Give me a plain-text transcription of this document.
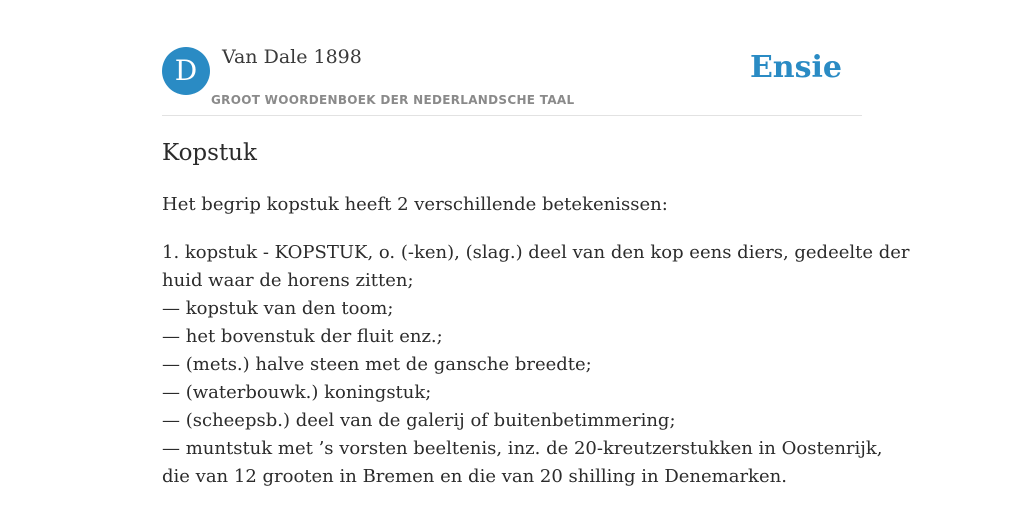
D	Van Dale 1898
GROOT WOORDENBOEK DER NEDERLANDSCHE TAAL
Ensie
Kopstuk

Het begrip kopstuk heeft 2 verschillende betekenissen:

1. kopstuk - KOPSTUK, o. (-ken), (slag.) deel van den kop eens diers, gedeelte der
huid waar de horens zitten;
— kopstuk van den toom;
— het bovenstuk der fluit enz.;
— (mets.) halve steen met de gansche breedte;
— (waterbouwk.) koningstuk;
— (scheepsb.) deel van de galerij of buitenbetimmering;
— muntstuk met ’s vorsten beeltenis, inz. de 20-kreutzerstukken in Oostenrijk,
die van 12 grooten in Bremen en die van 20 shilling in Denemarken.
